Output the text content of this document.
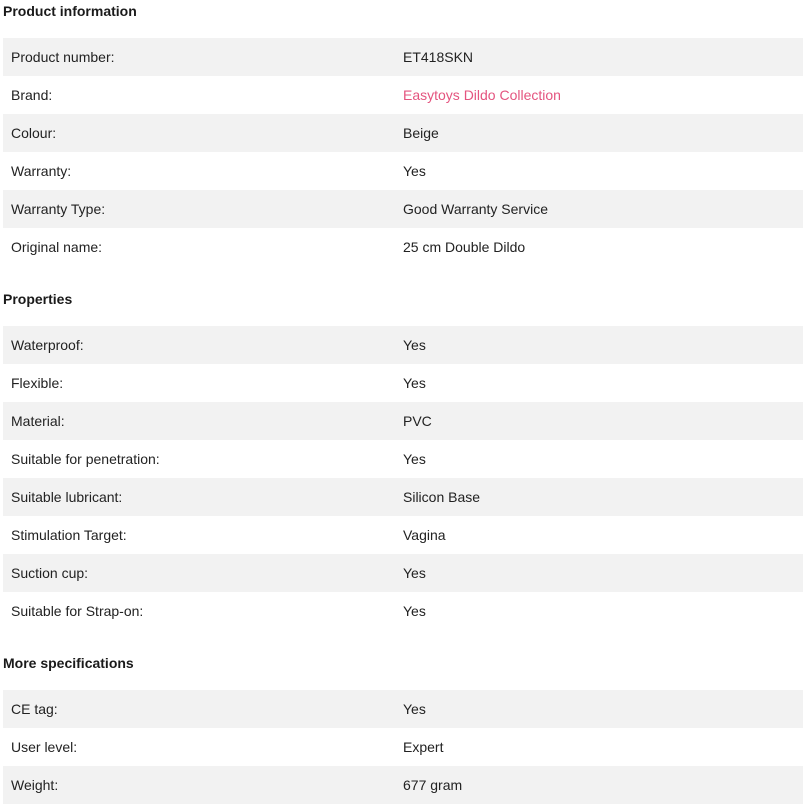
Product information
Product number:	ET418SKN
Brand:	Easytoys Dildo Collection
Colour:	Beige
Warranty:	Yes
Warranty Type:	Good Warranty Service
Original name:	25 cm Double Dildo
Properties
Waterproof:	Yes
Flexible:	Yes
Material:	PVC
Suitable for penetration:	Yes
Suitable lubricant:	Silicon Base
Stimulation Target:	Vagina
Suction cup:	Yes
Suitable for Strap-on:	Yes
More specifications
CE tag:	Yes
User level:	Expert
Weight:	677 gram
